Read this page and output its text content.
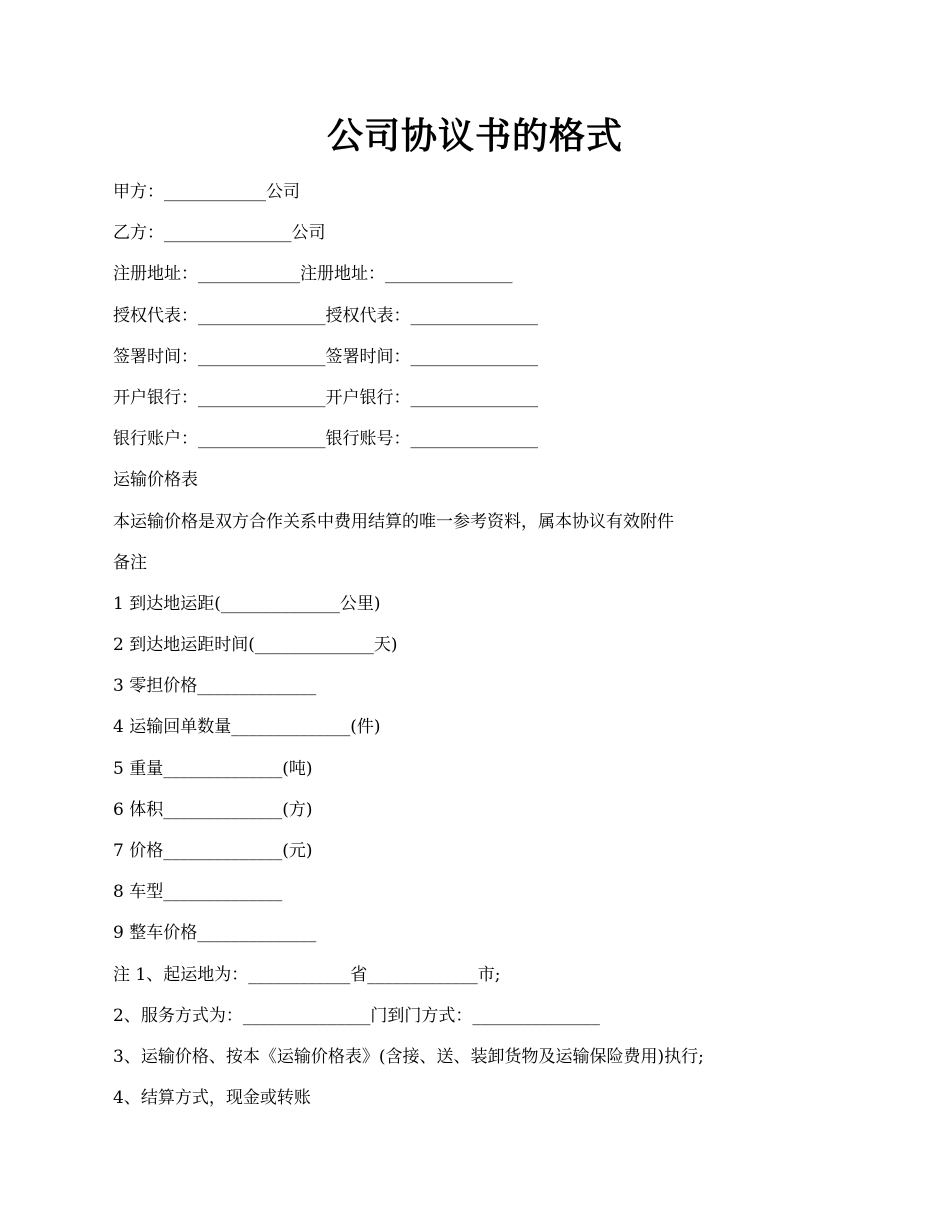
公司协议书的格式
甲方：____________公司
乙方：_______________公司
注册地址：____________注册地址：_______________
授权代表：_______________授权代表：_______________
签署时间：_______________签署时间：_______________
开户银行：_______________开户银行：_______________
银行账户：_______________银行账号：_______________
运输价格表
本运输价格是双方合作关系中费用结算的唯一参考资料，属本协议有效附件
备注
1 到达地运距(______________公里)
2 到达地运距时间(______________天)
3 零担价格______________
4 运输回单数量______________(件)
5 重量______________(吨)
6 体积______________(方)
7 价格______________(元)
8 车型______________
9 整车价格______________
注 1、起运地为：____________省_____________市;
2、服务方式为：_______________门到门方式：_______________
3、运输价格、按本《运输价格表》(含接、送、装卸货物及运输保险费用)执行;
4、结算方式，现金或转账
